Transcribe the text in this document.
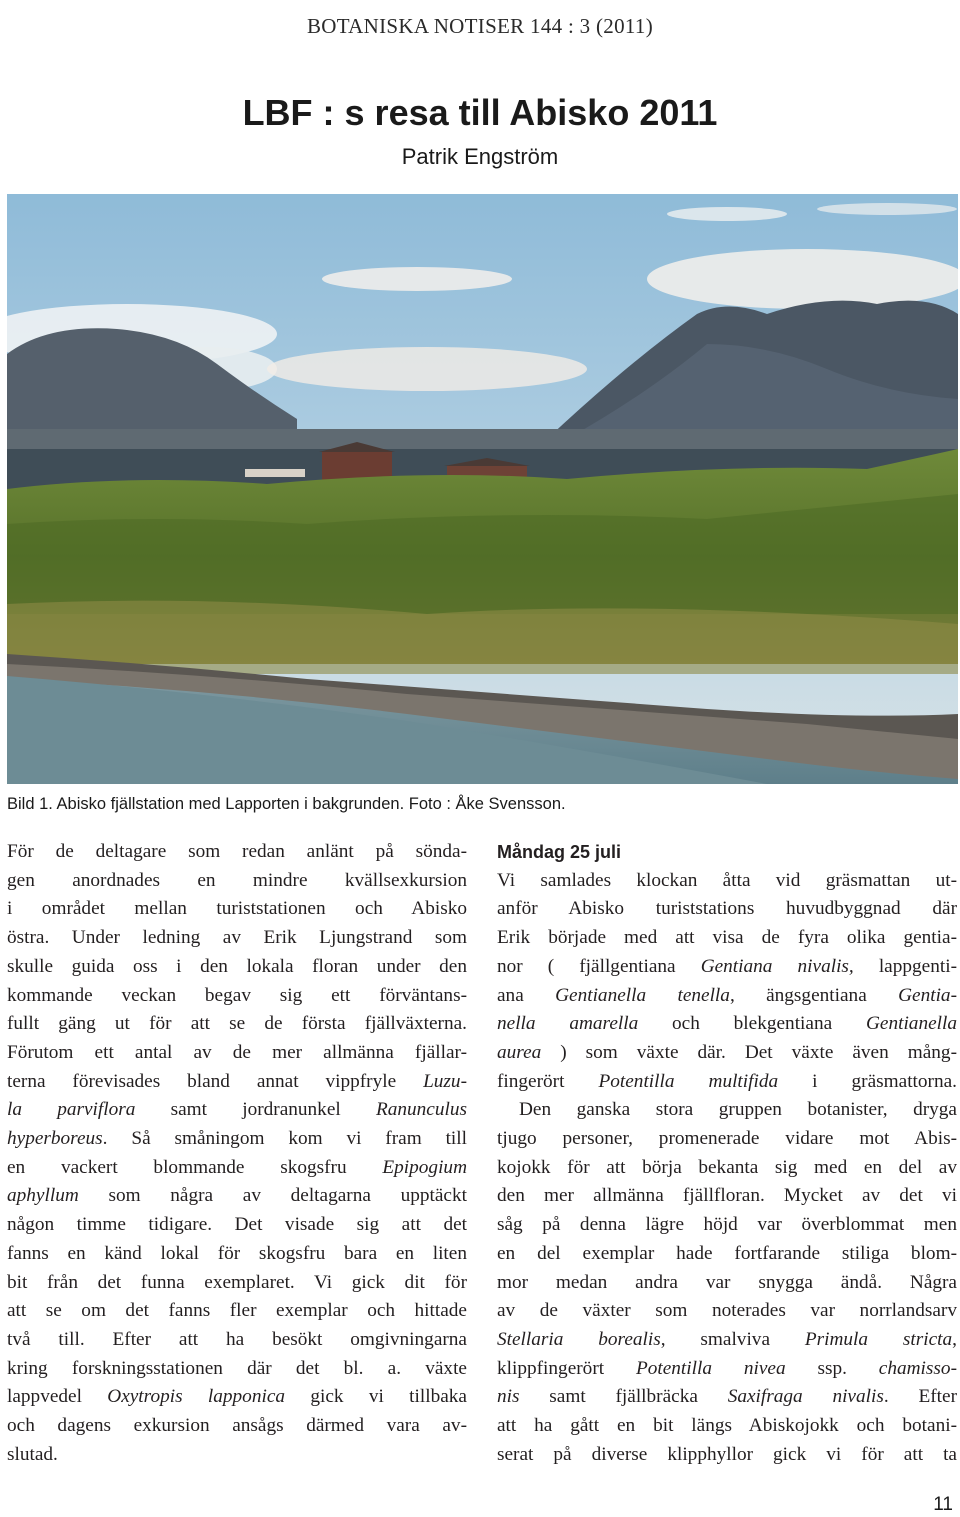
BOTANISKA NOTISER 144 : 3 (2011)
LBF : s resa till Abisko 2011
Patrik Engström
Bild 1. Abisko fjällstation med Lapporten i bakgrunden. Foto : Åke Svensson.
För de deltagare som redan anlänt på sönda-
gen anordnades en mindre kvällsexkursion
i området mellan turiststationen och Abisko
östra. Under ledning av Erik Ljungstrand som
skulle guida oss i den lokala floran under den
kommande veckan begav sig ett förväntans-
fullt gäng ut för att se de första fjällväxterna.
Förutom ett antal av de mer allmänna fjällar-
terna förevisades bland annat vippfryle Luzu-
la parviflora samt jordranunkel Ranunculus
hyperboreus. Så småningom kom vi fram till
en vackert blommande skogsfru Epipogium
aphyllum som några av deltagarna upptäckt
någon timme tidigare. Det visade sig att det
fanns en känd lokal för skogsfru bara en liten
bit från det funna exemplaret. Vi gick dit för
att se om det fanns fler exemplar och hittade
två till. Efter att ha besökt omgivningarna
kring forskningsstationen där det bl. a. växte
lappvedel Oxytropis lapponica gick vi tillbaka
och dagens exkursion ansågs därmed vara av-
slutad.
Måndag 25 juli
Vi samlades klockan åtta vid gräsmattan ut-
anför Abisko turiststations huvudbyggnad där
Erik började med att visa de fyra olika gentia-
nor ( fjällgentiana Gentiana nivalis, lappgenti-
ana Gentianella tenella, ängsgentiana Gentia-
nella amarella och blekgentiana Gentianella
aurea ) som växte där. Det växte även mång-
fingerört Potentilla multifida i gräsmattorna.
Den ganska stora gruppen botanister, dryga
tjugo personer, promenerade vidare mot Abis-
kojokk för att börja bekanta sig med en del av
den mer allmänna fjällfloran. Mycket av det vi
såg på denna lägre höjd var överblommat men
en del exemplar hade fortfarande stiliga blom-
mor medan andra var snygga ändå. Några
av de växter som noterades var norrlandsarv
Stellaria borealis, smalviva Primula stricta,
klippfingerört Potentilla nivea ssp. chamisso-
nis samt fjällbräcka Saxifraga nivalis. Efter
att ha gått en bit längs Abiskojokk och botani-
serat på diverse klipphyllor gick vi för att ta
11
